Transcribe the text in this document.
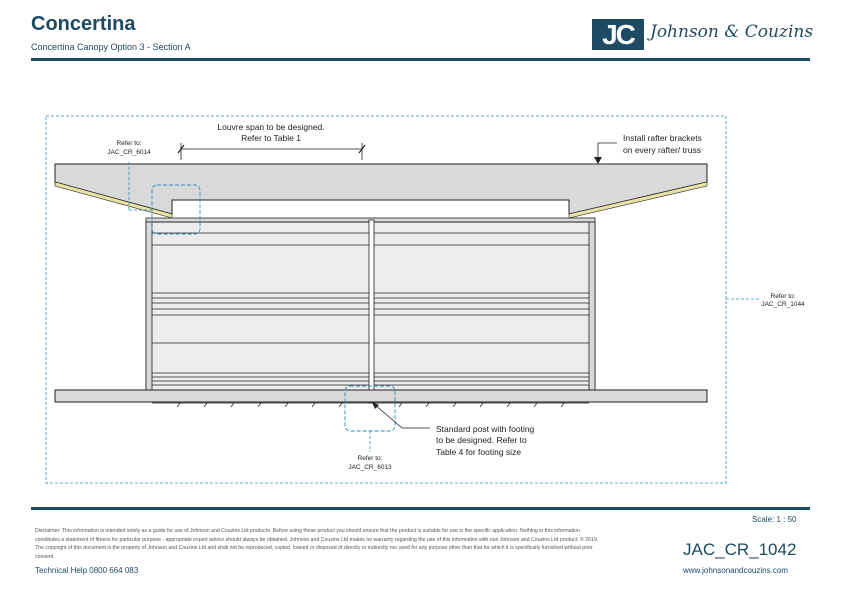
Concertina
Concertina Canopy Option 3 - Section A	JC Johnson & Couzins
Louvre span to be designed.
Refer to Table 1
Refer to:
JAC_CR_6014
Install rafter brackets
on every rafter/ truss
Refer to:
JAC_CR_1044
Refer to:
JAC_CR_6013
Standard post with footing
to be designed. Refer to
Table 4 for footing size
Scale: 1 : 50
Disclaimer: This information is intended solely as a guide for use of Johnson and Couzins Ltd products. Before using these product you should ensure that the product is suitable for use in the specific application. Nothing in this information constitutes a statement of fitness for particular purpose - appropriate expert advice should always be obtained. Johnson and Couzins Ltd makes no warranty regarding the use of this information with non Johnson and Couzins Ltd product. © 2019. The copyright of this document is the property of Johnson and Couzins Ltd and shall not be reproduced, copied, loaned or disposed of directly or indirectly nor used for any purpose other than that for which it is specifically furnished without prior consent.
Technical Help 0800 664 083
JAC_CR_1042
www.johnsonandcouzins.com
